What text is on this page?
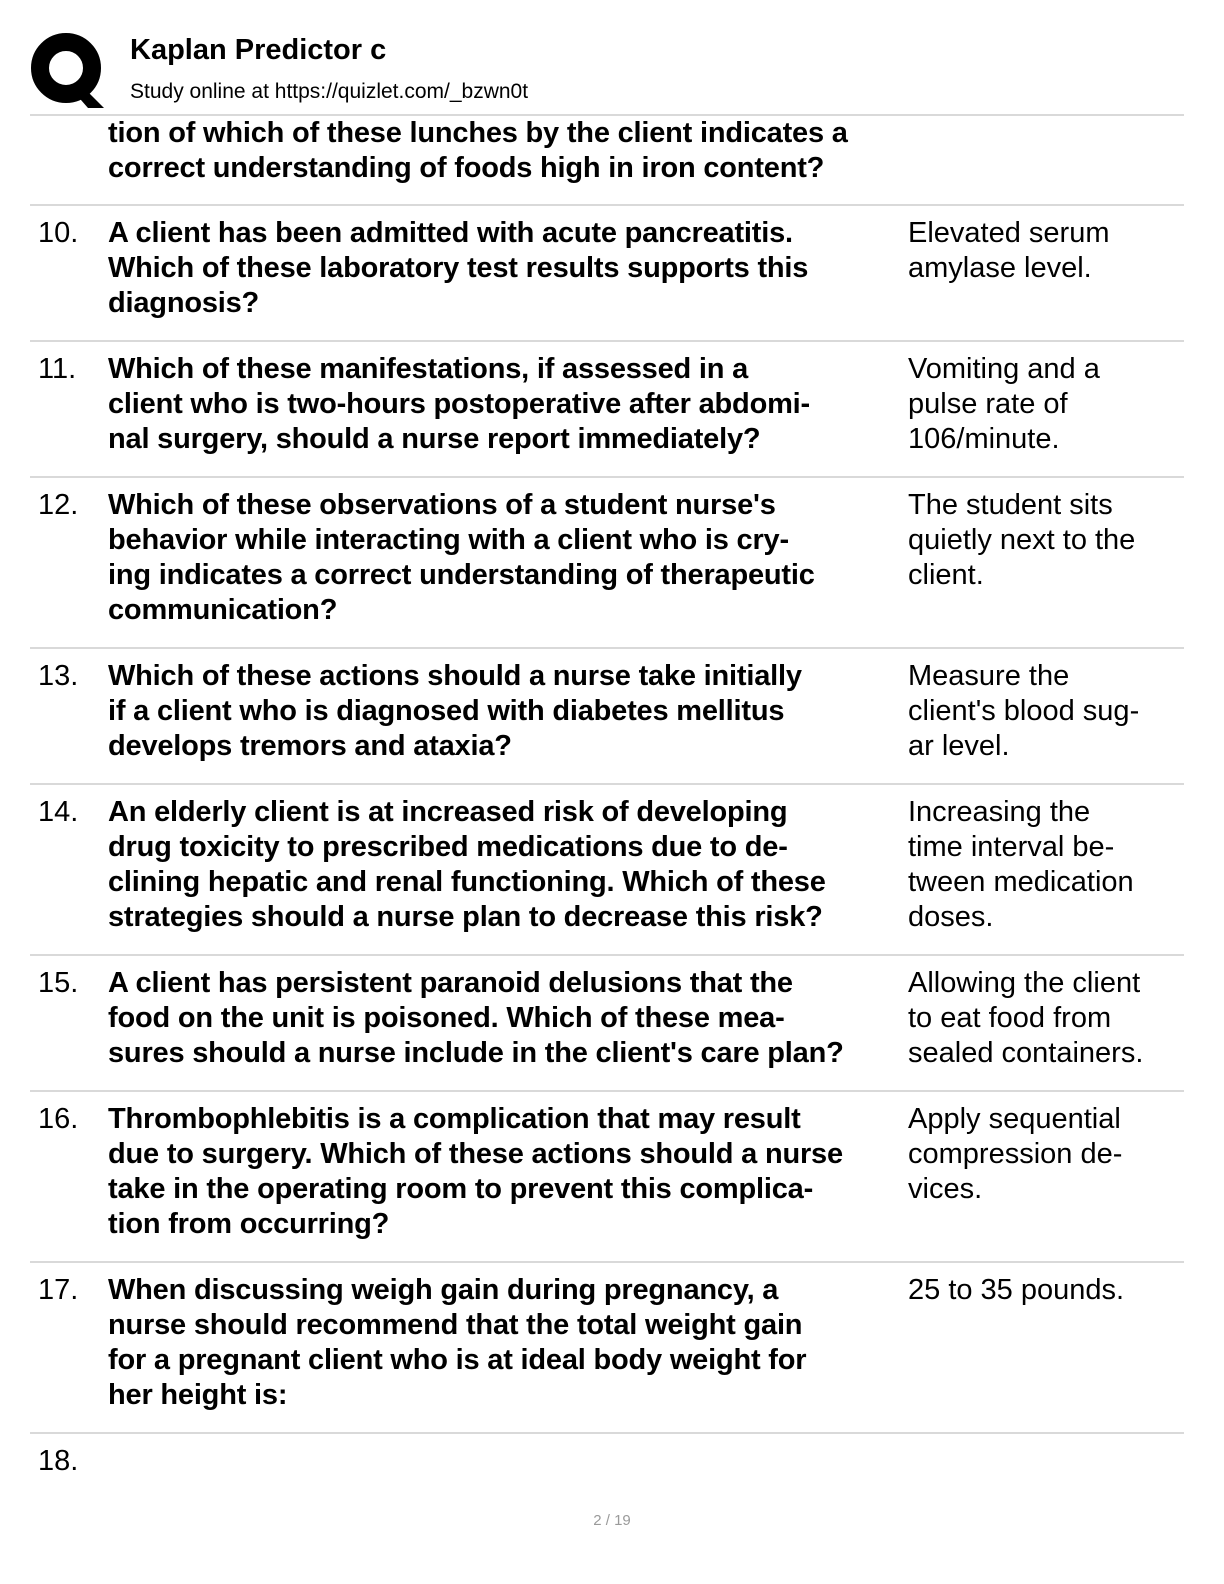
Kaplan Predictor c
Study online at https://quizlet.com/_bzwn0t
tion of which of these lunches by the client indicates a
correct understanding of foods high in iron content?
10. A client has been admitted with acute pancreatitis.
Which of these laboratory test results supports this
diagnosis?
Elevated serum
amylase level.
11. Which of these manifestations, if assessed in a
client who is two-hours postoperative after abdomi-
nal surgery, should a nurse report immediately?
Vomiting and a
pulse rate of
106/minute.
12. Which of these observations of a student nurse's
behavior while interacting with a client who is cry-
ing indicates a correct understanding of therapeutic
communication?
The student sits
quietly next to the
client.
13. Which of these actions should a nurse take initially
if a client who is diagnosed with diabetes mellitus
develops tremors and ataxia?
Measure the
client's blood sug-
ar level.
14. An elderly client is at increased risk of developing
drug toxicity to prescribed medications due to de-
clining hepatic and renal functioning. Which of these
strategies should a nurse plan to decrease this risk?
Increasing the
time interval be-
tween medication
doses.
15. A client has persistent paranoid delusions that the
food on the unit is poisoned. Which of these mea-
sures should a nurse include in the client's care plan?
Allowing the client
to eat food from
sealed containers.
16. Thrombophlebitis is a complication that may result
due to surgery. Which of these actions should a nurse
take in the operating room to prevent this complica-
tion from occurring?
Apply sequential
compression de-
vices.
17. When discussing weigh gain during pregnancy, a
nurse should recommend that the total weight gain
for a pregnant client who is at ideal body weight for
her height is:
25 to 35 pounds.
18.
2 / 19
